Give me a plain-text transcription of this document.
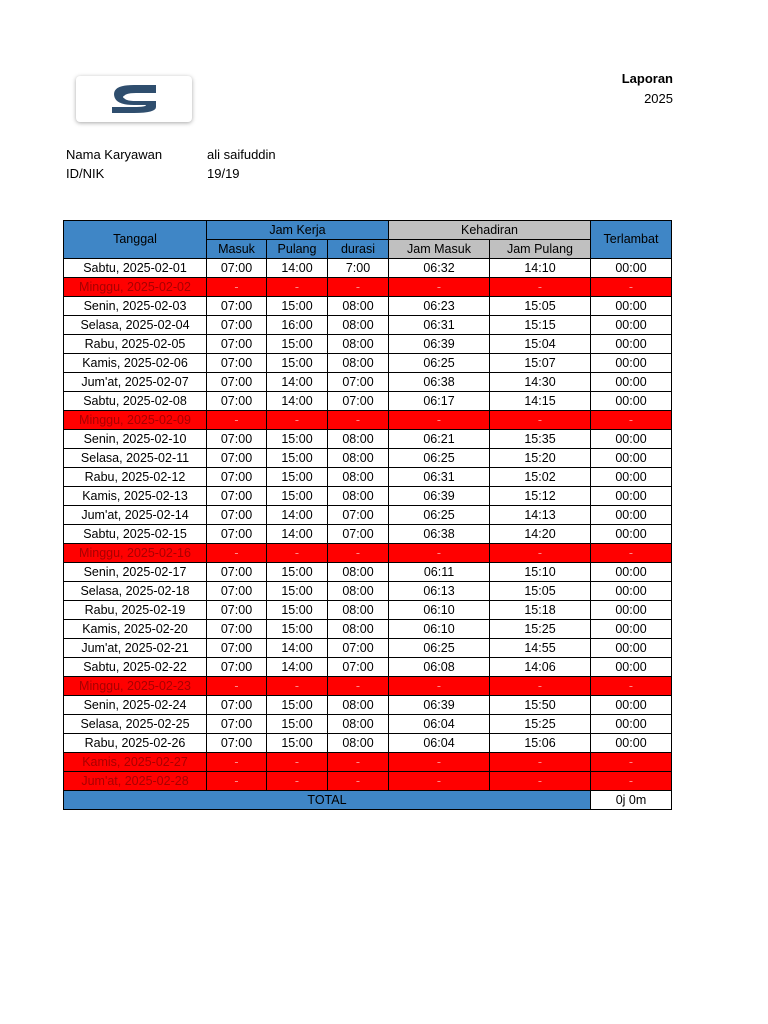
Laporan
2025
Nama Karyawan	ali saifuddin
ID/NIK	19/19
Tanggal	Jam Kerja			Kehadiran		Terlambat
	Masuk	Pulang	durasi	Jam Masuk	Jam Pulang	
Sabtu, 2025-02-01	07:00	14:00	7:00	06:32	14:10	00:00
Minggu, 2025-02-02	-	-	-	-	-	-
Senin, 2025-02-03	07:00	15:00	08:00	06:23	15:05	00:00
Selasa, 2025-02-04	07:00	16:00	08:00	06:31	15:15	00:00
Rabu, 2025-02-05	07:00	15:00	08:00	06:39	15:04	00:00
Kamis, 2025-02-06	07:00	15:00	08:00	06:25	15:07	00:00
Jum'at, 2025-02-07	07:00	14:00	07:00	06:38	14:30	00:00
Sabtu, 2025-02-08	07:00	14:00	07:00	06:17	14:15	00:00
Minggu, 2025-02-09	-	-	-	-	-	-
Senin, 2025-02-10	07:00	15:00	08:00	06:21	15:35	00:00
Selasa, 2025-02-11	07:00	15:00	08:00	06:25	15:20	00:00
Rabu, 2025-02-12	07:00	15:00	08:00	06:31	15:02	00:00
Kamis, 2025-02-13	07:00	15:00	08:00	06:39	15:12	00:00
Jum'at, 2025-02-14	07:00	14:00	07:00	06:25	14:13	00:00
Sabtu, 2025-02-15	07:00	14:00	07:00	06:38	14:20	00:00
Minggu, 2025-02-16	-	-	-	-	-	-
Senin, 2025-02-17	07:00	15:00	08:00	06:11	15:10	00:00
Selasa, 2025-02-18	07:00	15:00	08:00	06:13	15:05	00:00
Rabu, 2025-02-19	07:00	15:00	08:00	06:10	15:18	00:00
Kamis, 2025-02-20	07:00	15:00	08:00	06:10	15:25	00:00
Jum'at, 2025-02-21	07:00	14:00	07:00	06:25	14:55	00:00
Sabtu, 2025-02-22	07:00	14:00	07:00	06:08	14:06	00:00
Minggu, 2025-02-23	-	-	-	-	-	-
Senin, 2025-02-24	07:00	15:00	08:00	06:39	15:50	00:00
Selasa, 2025-02-25	07:00	15:00	08:00	06:04	15:25	00:00
Rabu, 2025-02-26	07:00	15:00	08:00	06:04	15:06	00:00
Kamis, 2025-02-27	-	-	-	-	-	-
Jum'at, 2025-02-28	-	-	-	-	-	-
TOTAL						0j 0m
